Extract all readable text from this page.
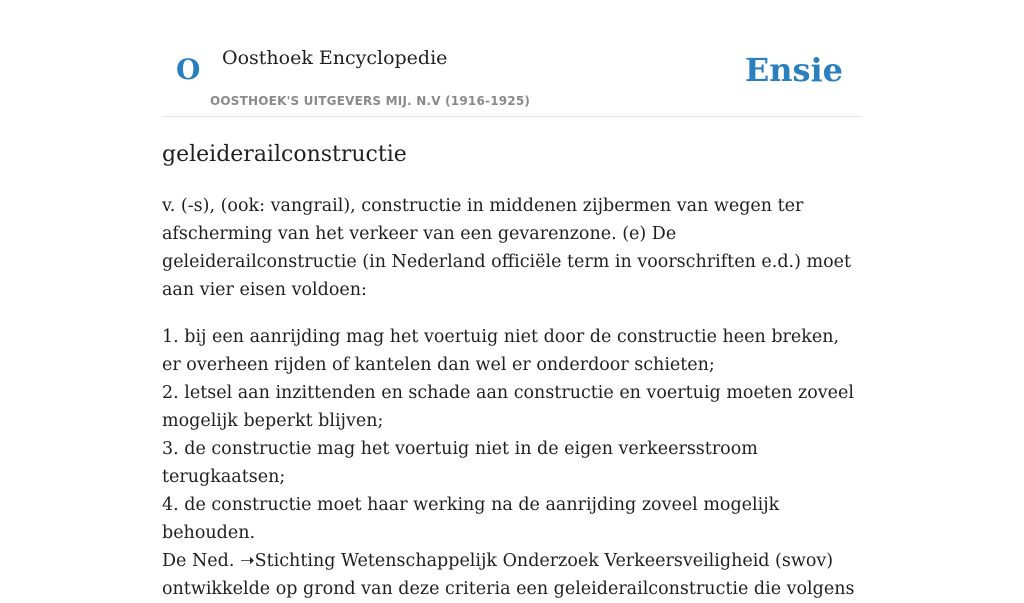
O Oosthoek Encyclopedie
OOSTHOEK'S UITGEVERS MIJ. N.V (1916-1925)
Ensie
geleiderailconstructie

v. (-s), (ook: vangrail), constructie in middenen zijbermen van wegen ter afscherming van het verkeer van een gevarenzone. (e) De geleiderailconstructie (in Nederland officiële term in voorschriften e.d.) moet aan vier eisen voldoen:

1. bij een aanrijding mag het voertuig niet door de constructie heen breken, er overheen rijden of kantelen dan wel er onderdoor schieten;

2. letsel aan inzittenden en schade aan constructie en voertuig moeten zoveel mogelijk beperkt blijven;

3. de constructie mag het voertuig niet in de eigen verkeersstroom terugkaatsen;

4. de constructie moet haar werking na de aanrijding zoveel mogelijk behouden.

De Ned. ➝Stichting Wetenschappelijk Onderzoek Verkeersveiligheid (swov) ontwikkelde op grond van deze criteria een geleiderailconstructie die volgens
